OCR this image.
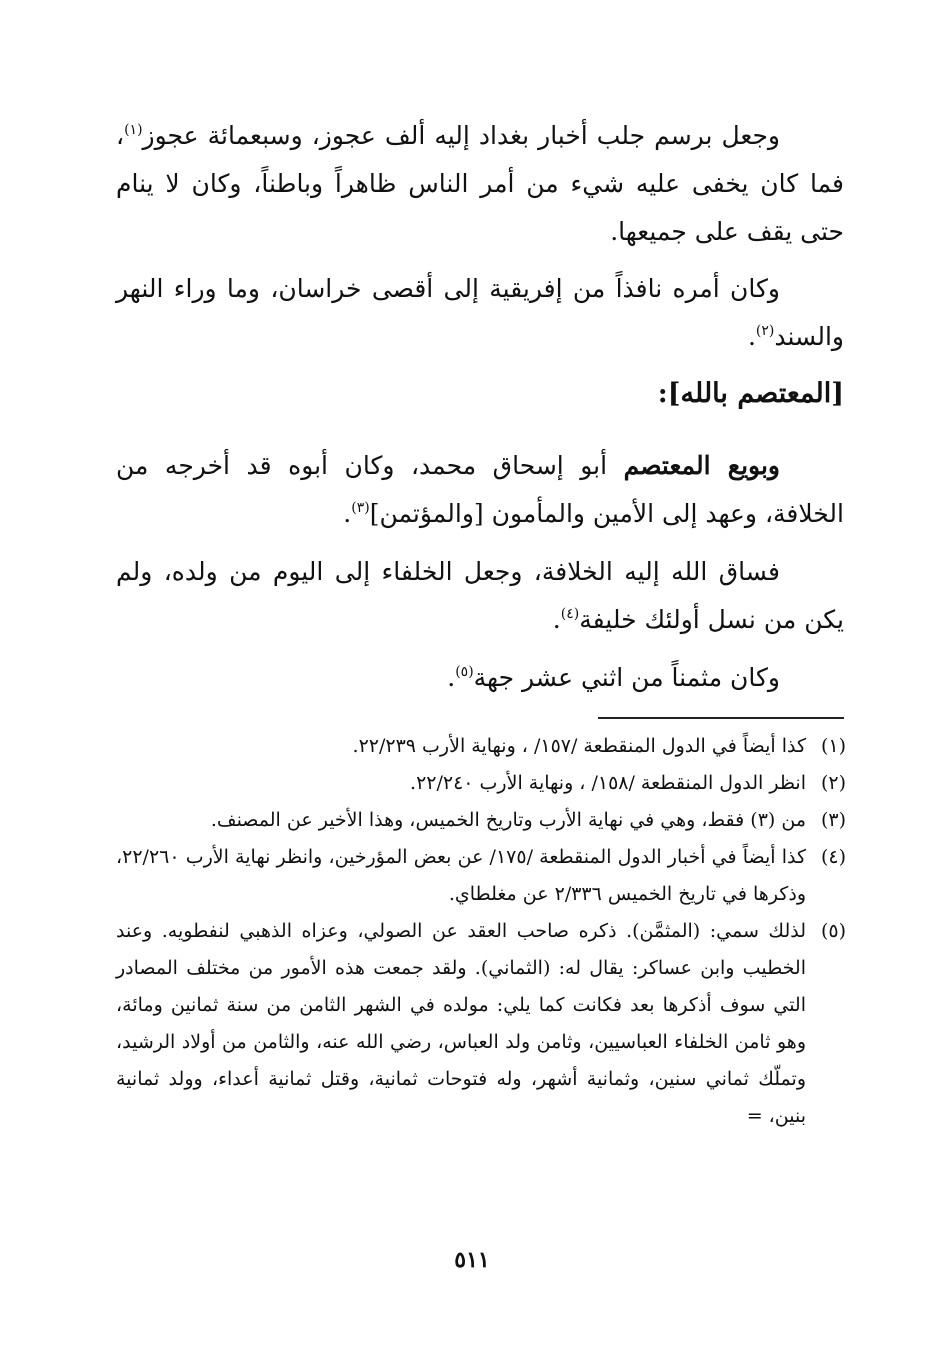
وجعل برسم جلب أخبار بغداد إليه ألف عجوز، وسبعمائة عجوز$^{(١)}$، فما كان يخفى عليه شيء من أمر الناس ظاهراً وباطناً، وكان لا ينام حتى يقف على جميعها.

وكان أمره نافذاً من إفريقية إلى أقصى خراسان، وما وراء النهر والسند$^{(٢)}$.

[المعتصم بالله]:

وبويع المعتصم أبو إسحاق محمد، وكان أبوه قد أخرجه من الخلافة، وعهد إلى الأمين والمأمون [والمؤتمن]$^{(٣)}$.

فساق الله إليه الخلافة، وجعل الخلفاء إلى اليوم من ولده، ولم يكن من نسل أولئك خليفة$^{(٤)}$.

وكان مثمناً من اثني عشر جهة$^{(٥)}$.

(١)
كذا أيضاً في الدول المنقطعة /١٥٧/ ، ونهاية الأرب ٢٢/٢٣٩.
(٢)
انظر الدول المنقطعة /١٥٨/ ، ونهاية الأرب ٢٢/٢٤٠.
(٣)
من (٣) فقط، وهي في نهاية الأرب وتاريخ الخميس، وهذا الأخير عن المصنف.
(٤)
كذا أيضاً في أخبار الدول المنقطعة /١٧٥/ عن بعض المؤرخين، وانظر نهاية الأرب ٢٢/٢٦٠، وذكرها في تاريخ الخميس ٢/٣٣٦ عن مغلطاي.
(٥)
لذلك سمي: (المثمَّن). ذكره صاحب العقد عن الصولي، وعزاه الذهبي لنفطويه. وعند الخطيب وابن عساكر: يقال له: (الثماني). ولقد جمعت هذه الأمور من مختلف المصادر التي سوف أذكرها بعد فكانت كما يلي: مولده في الشهر الثامن من سنة ثمانين ومائة، وهو ثامن الخلفاء العباسيين، وثامن ولد العباس، رضي الله عنه، والثامن من أولاد الرشيد، وتملّك ثماني سنين، وثمانية أشهر، وله فتوحات ثمانية، وقتل ثمانية أعداء، وولد ثمانية بنين، =
٥١١
